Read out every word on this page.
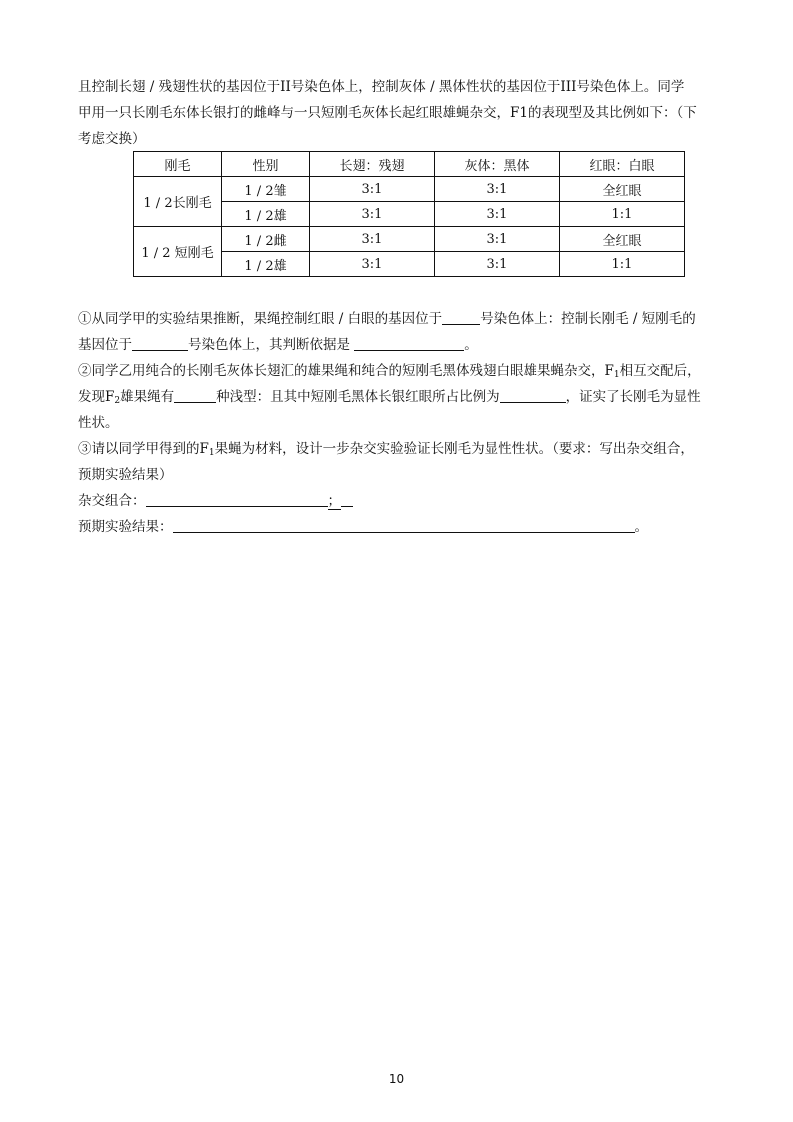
且控制长翅 / 残翅性状的基因位于II号染色体上，控制灰体 / 黑体性状的基因位于III号染色体上。同学
甲用一只长刚毛东体长银打的雌峰与一只短刚毛灰体长起红眼雄蝇杂交，F1的表现型及其比例如下：（下
考虑交换）
刚毛	性别	长翅：残翅	灰体：黑体	红眼：白眼
1 / 2长刚毛	1 / 2雏	3:1	3:1	全红眼
	1 / 2雄	3:1	3:1	1:1
1 / 2 短刚毛	1 / 2雌	3:1	3:1	全红眼
	1 / 2雄	3:1	3:1	1:1
①从同学甲的实验结果推断，果绳控制红眼 / 白眼的基因位于	号染色体上：控制长刚毛 / 短刚毛的
基因位于	号染色体上，其判断依据是	。
②同学乙用纯合的长刚毛灰体长翅汇的雄果绳和纯合的短刚毛黑体残翅白眼雄果蝇杂交，$F_1$相互交配后，
发现$F_2$雄果绳有	种浅型：且其中短刚毛黑体长银红眼所占比例为	，证实了长刚毛为显性
性状。
③请以同学甲得到的$F_1$果蝇为材料，设计一步杂交实验验证长刚毛为显性性状。（要求：写出杂交组合，
预期实验结果）
杂交组合：	；
预期实验结果：	。
10
